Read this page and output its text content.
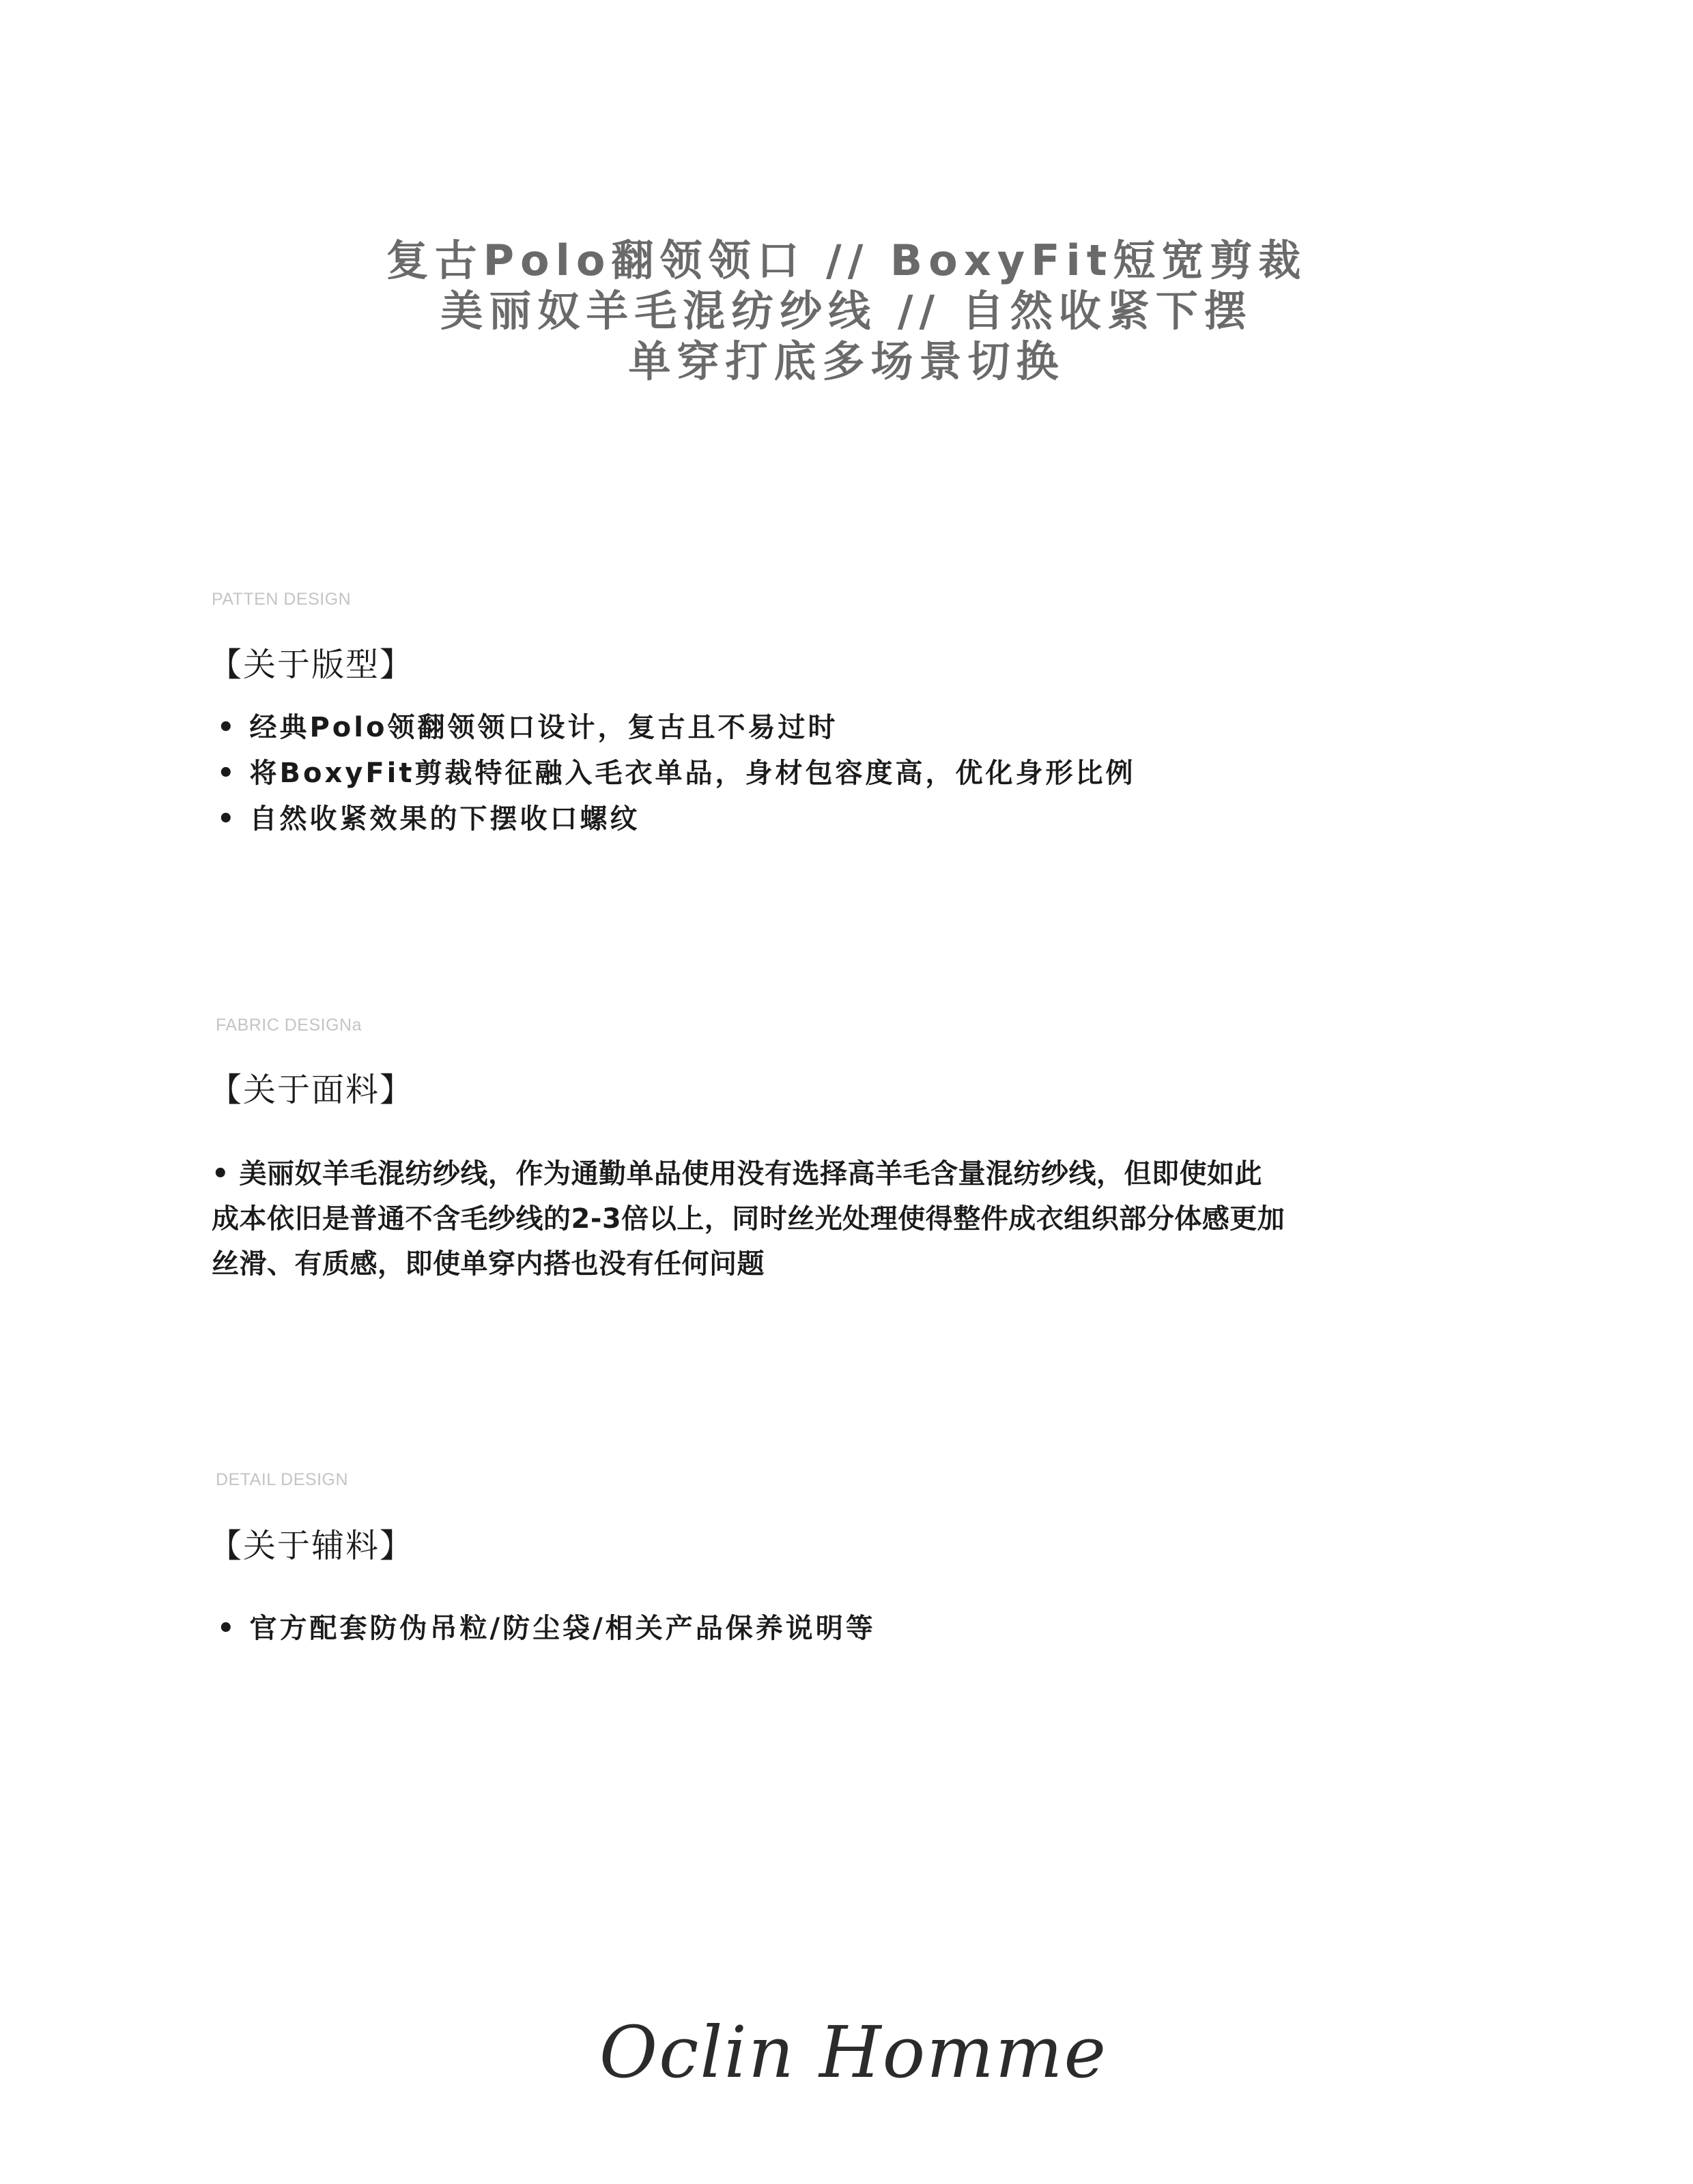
复古Polo翻领领口 // BoxyFit短宽剪裁
美丽奴羊毛混纺纱线 // 自然收紧下摆
单穿打底多场景切换
PATTEN DESIGN
【关于版型】
• 经典Polo领翻领领口设计，复古且不易过时
• 将BoxyFit剪裁特征融入毛衣单品，身材包容度高，优化身形比例
• 自然收紧效果的下摆收口螺纹
FABRIC DESIGNa
【关于面料】
• 美丽奴羊毛混纺纱线，作为通勤单品使用没有选择高羊毛含量混纺纱线，但即使如此
成本依旧是普通不含毛纱线的2-3倍以上，同时丝光处理使得整件成衣组织部分体感更加
丝滑、有质感，即使单穿内搭也没有任何问题
DETAIL DESIGN
【关于辅料】
• 官方配套防伪吊粒/防尘袋/相关产品保养说明等
Oclin Homme
